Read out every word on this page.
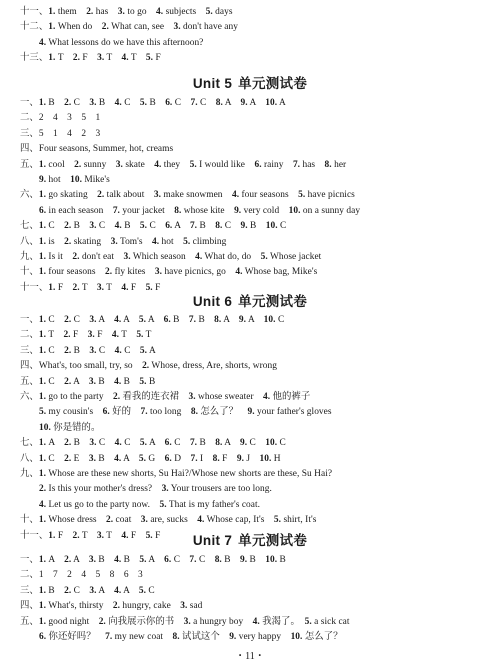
十一、1. them　2. has　3. to go　4. subjects　5. days
十二、1. When do　2. What can, see　3. don't have any
4. What lessons do we have this afternoon?
十三、1. T　2. F　3. T　4. T　5. F
Unit 5 单元测试卷
一、1. B　2. C　3. B　4. C　5. B　6. C　7. C　8. A　9. A　10. A
二、2　4　3　5　1
三、5　1　4　2　3
四、Four seasons, Summer, hot, creams
五、1. cool　2. sunny　3. skate　4. they　5. I would like　6. rainy　7. has　8. her
9. hot　10. Mike's
六、1. go skating　2. talk about　3. make snowmen　4. four seasons　5. have picnics
6. in each season　7. your jacket　8. whose kite　9. very cold　10. on a sunny day
七、1. C　2. B　3. C　4. B　5. C　6. A　7. B　8. C　9. B　10. C
八、1. is　2. skating　3. Tom's　4. hot　5. climbing
九、1. Is it　2. don't eat　3. Which season　4. What do, do　5. Whose jacket
十、1. four seasons　2. fly kites　3. have picnics, go　4. Whose bag, Mike's
十一、1. F　2. T　3. T　4. F　5. F
Unit 6 单元测试卷
一、1. C　2. C　3. A　4. A　5. A　6. B　7. B　8. A　9. A　10. C
二、1. T　2. F　3. F　4. T　5. T
三、1. C　2. B　3. C　4. C　5. A
四、What's, too small, try, so　2. Whose, dress, Are, shorts, wrong
五、1. C　2. A　3. B　4. B　5. B
六、1. go to the party　2. 看我的连衣裙　3. whose sweater　4. 他的裤子
5. my cousin's　6. 好的　7. too long　8. 怎么了？　9. your father's gloves
10. 你是错的。
七、1. A　2. B　3. C　4. C　5. A　6. C　7. B　8. A　9. C　10. C
八、1. C　2. E　3. B　4. A　5. G　6. D　7. I　8. F　9. J　10. H
九、1. Whose are these new shorts, Su Hai?/Whose new shorts are these, Su Hai?
2. Is this your mother's dress?　3. Your trousers are too long.
4. Let us go to the party now.　5. That is my father's coat.
十、1. Whose dress　2. coat　3. are, sucks　4. Whose cap, It's　5. shirt, It's
十一、1. F　2. T　3. T　4. F　5. F	Unit 7 单元测试卷
一、1. A　2. A　3. B　4. B　5. A　6. C　7. C　8. B　9. B　10. B
二、1　7　2　4　5　8　6　3
三、1. B　2. C　3. A　4. A　5. C
四、1. What's, thirsty　2. hungry, cake　3. sad
五、1. good night　2. 向我展示你的书　3. a hungry boy　4. 我渴了。　5. a sick cat
6. 你还好吗？　7. my new coat　8. 试试这个　9. very happy　10. 怎么了？
・11・
